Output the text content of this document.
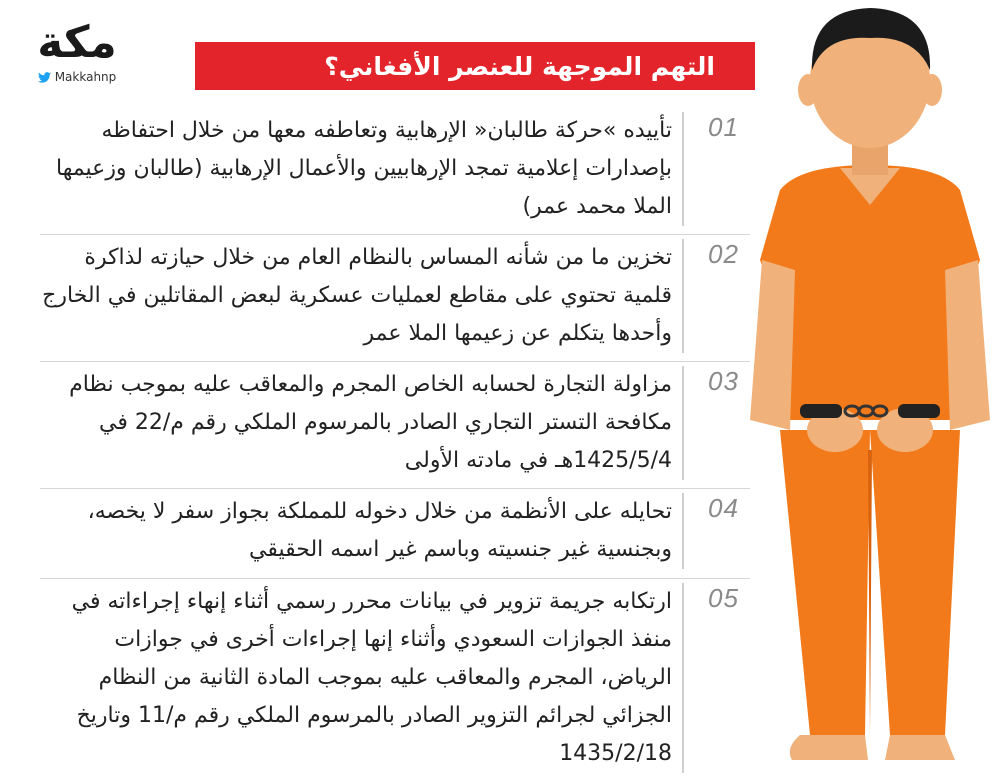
مكة
Makkahnp	التهم الموجهة للعنصر الأفغاني؟
01
تأييده »حركة طالبان« الإرهابية وتعاطفه معها من خلال احتفاظه بإصدارات إعلامية تمجد الإرهابيين والأعمال الإرهابية (طالبان وزعيمها الملا محمد عمر)
02
تخزين ما من شأنه المساس بالنظام العام من خلال حيازته لذاكرة قلمية تحتوي على مقاطع لعمليات عسكرية لبعض المقاتلين في الخارج وأحدها يتكلم عن زعيمها الملا عمر
03
مزاولة التجارة لحسابه الخاص المجرم والمعاقب عليه بموجب نظام مكافحة التستر التجاري الصادر بالمرسوم الملكي رقم م/22 في 1425/5/4هـ في مادته الأولى
04
تحايله على الأنظمة من خلال دخوله للمملكة بجواز سفر لا يخصه، وبجنسية غير جنسيته وباسم غير اسمه الحقيقي
05
ارتكابه جريمة تزوير في بيانات محرر رسمي أثناء إنهاء إجراءاته في منفذ الجوازات السعودي وأثناء إنها إجراءات أخرى في جوازات الرياض، المجرم والمعاقب عليه بموجب المادة الثانية من النظام الجزائي لجرائم التزوير الصادر بالمرسوم الملكي رقم م/11 وتاريخ 1435/2/18
